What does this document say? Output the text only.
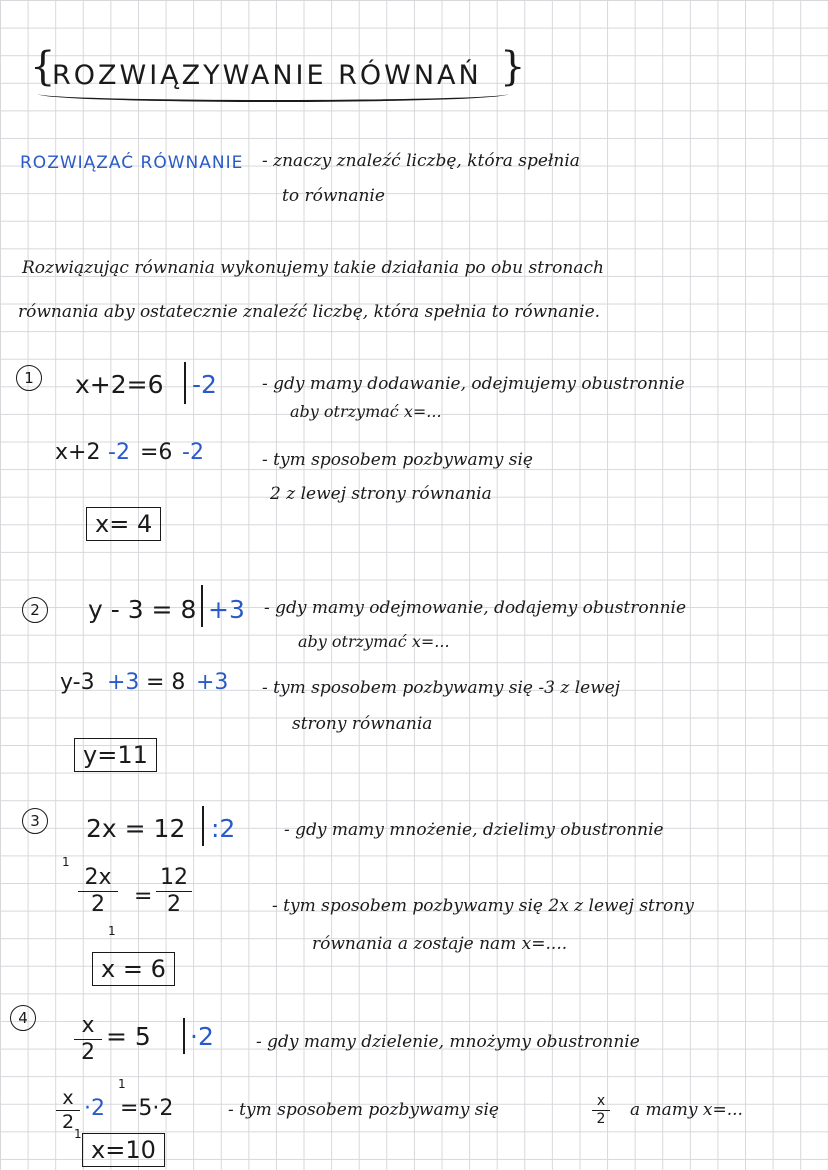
{
ROZWIĄZYWANIE RÓWNAŃ }
ROZWIĄZAĆ RÓWNANIE - znaczy znaleźć liczbę, która spełnia
to równanie
Rozwiązując równania wykonujemy takie działania po obu stronach
równania aby ostatecznie znaleźć liczbę, która spełnia to równanie.
1	x+2=6 -2	- gdy mamy dodawanie, odejmujemy obustronnie
aby otrzymać x=...
x+2 -2 =6 -2	- tym sposobem pozbywamy się
2 z lewej strony równania
x= 4
2	y - 3 = 8 +3 - gdy mamy odejmowanie, dodajemy obustronnie
aby otrzymać x=...
y-3 +3 = 8 +3 - tym sposobem pozbywamy się -3 z lewej
strony równania
y=11
3	2x = 12 :2	- gdy mamy mnożenie, dzielimy obustronnie
1
2x
2
1
=
12
2	- tym sposobem pozbywamy się 2x z lewej strony
równania a zostaje nam x=....
x = 6
4	x
2
= 5 ·2 - gdy mamy dzielenie, mnożymy obustronnie
x
2
1
1
·2 =5·2	- tym sposobem pozbywamy się	x
2 a mamy x=...
x=10
